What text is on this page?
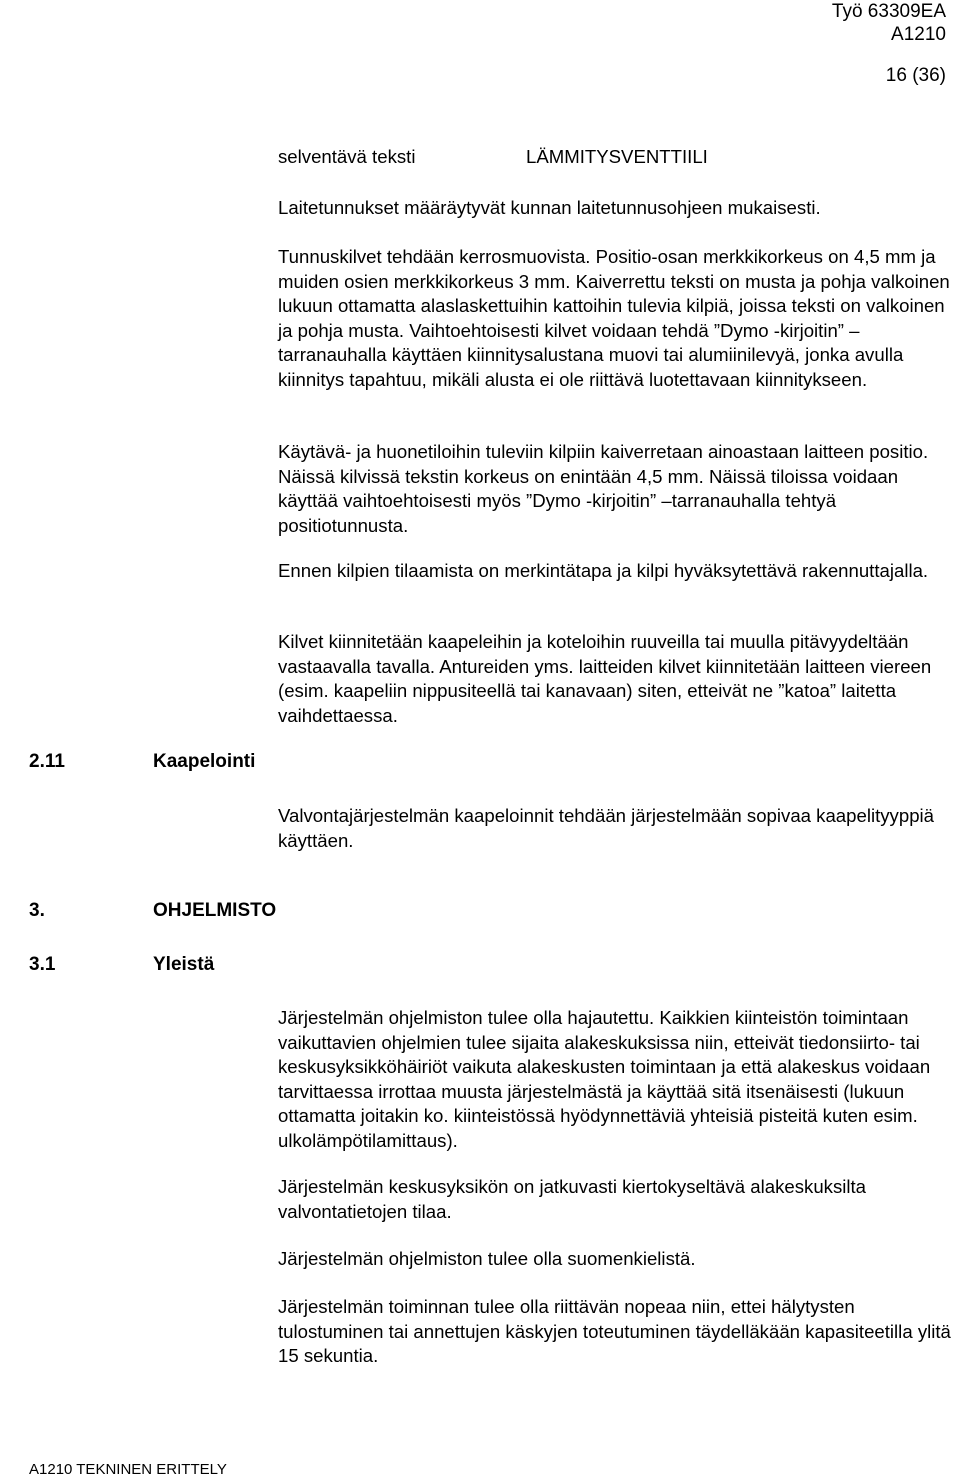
Työ 63309EA
A1210
16 (36)
selventävä teksti	LÄMMITYSVENTTIILI

Laitetunnukset määräytyvät kunnan laitetunnusohjeen mukaisesti.

Tunnuskilvet tehdään kerrosmuovista. Positio-osan merkkikorkeus on 4,5 mm ja muiden osien merkkikorkeus 3 mm. Kaiverrettu teksti on musta ja pohja valkoinen lukuun ottamatta alaslaskettuihin kattoihin tulevia kilpiä, joissa teksti on valkoinen ja pohja musta. Vaihtoehtoisesti kilvet voidaan tehdä ”Dymo -kirjoitin” –tarranauhalla käyttäen kiinnitysalustana muovi tai alumiinilevyä, jonka avulla kiinnitys tapahtuu, mikäli alusta ei ole riittävä luotettavaan kiinnitykseen.

Käytävä- ja huonetiloihin tuleviin kilpiin kaiverretaan ainoastaan laitteen positio. Näissä kilvissä tekstin korkeus on enintään 4,5 mm. Näissä tiloissa voidaan käyttää vaihtoehtoisesti myös ”Dymo -kirjoitin” –tarranauhalla tehtyä positiotunnusta.

Ennen kilpien tilaamista on merkintätapa ja kilpi hyväksytettävä rakennuttajalla.

Kilvet kiinnitetään kaapeleihin ja koteloihin ruuveilla tai muulla pitävyydeltään vastaavalla tavalla. Antureiden yms. laitteiden kilvet kiinnitetään laitteen viereen (esim. kaapeliin nippusiteellä tai kanavaan) siten, etteivät ne ”katoa” laitetta vaihdettaessa.

2.11	Kaapelointi

Valvontajärjestelmän kaapeloinnit tehdään järjestelmään sopivaa kaapelityyppiä käyttäen.

3.	OHJELMISTO
3.1	Yleistä

Järjestelmän ohjelmiston tulee olla hajautettu. Kaikkien kiinteistön toimintaan vaikuttavien ohjelmien tulee sijaita alakeskuksissa niin, etteivät tiedonsiirto- tai keskusyksikköhäiriöt vaikuta alakeskusten toimintaan ja että alakeskus voidaan tarvittaessa irrottaa muusta järjestelmästä ja käyttää sitä itsenäisesti (lukuun ottamatta joitakin ko. kiinteistössä hyödynnettäviä yhteisiä pisteitä kuten esim. ulkolämpötilamittaus).

Järjestelmän keskusyksikön on jatkuvasti kiertokyseltävä alakeskuksilta valvontatietojen tilaa.

Järjestelmän ohjelmiston tulee olla suomenkielistä.

Järjestelmän toiminnan tulee olla riittävän nopeaa niin, ettei hälytysten tulostuminen tai annettujen käskyjen toteutuminen täydelläkään kapasiteetilla ylitä 15 sekuntia.

A1210 TEKNINEN ERITTELY
